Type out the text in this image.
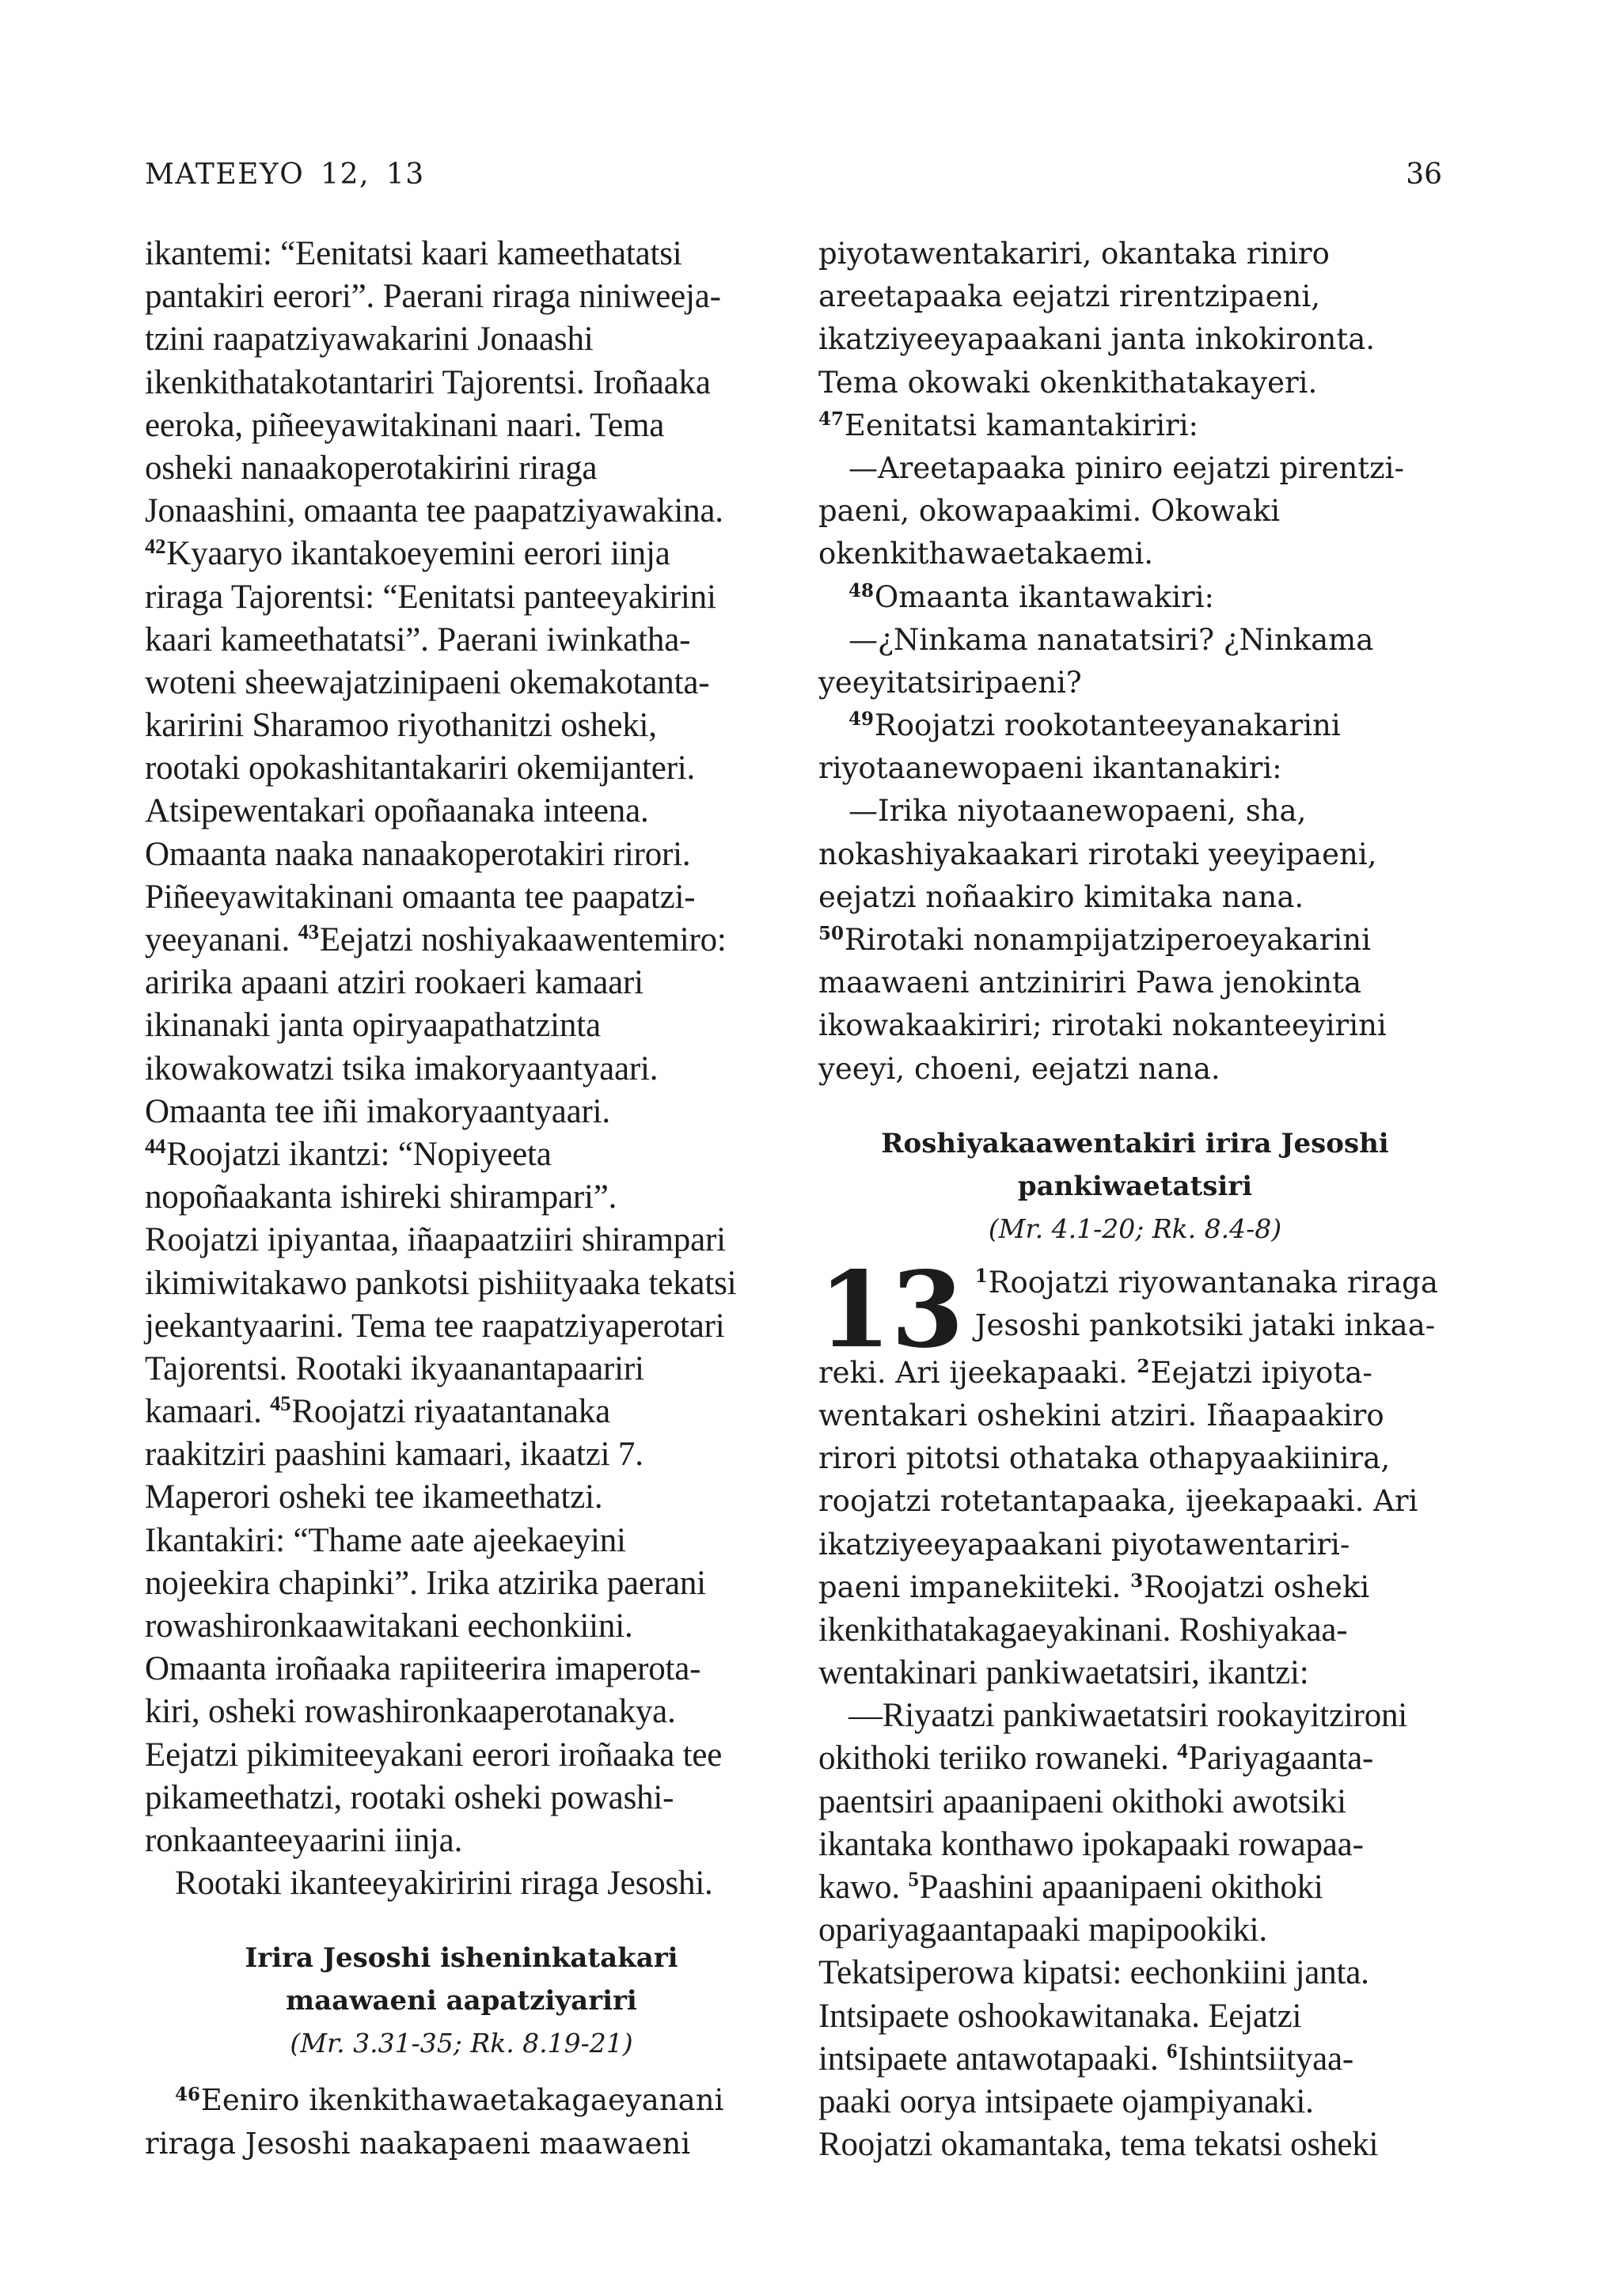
MATEEYO 12, 13	36
ikantemi: “Eenitatsi kaari kameethatatsi
pantakiri eerori”. Paerani riraga niniweeja-
tzini raapatziyawakarini Jonaashi
ikenkithatakotantariri Tajorentsi. Iroñaaka
eeroka, piñeeyawitakinani naari. Tema
osheki nanaakoperotakirini riraga
Jonaashini, omaanta tee paapatziyawakina.
$^{42}$Kyaaryo ikantakoeyemini eerori iinja
riraga Tajorentsi: “Eenitatsi panteeyakirini
kaari kameethatatsi”. Paerani iwinkatha-
woteni sheewajatzinipaeni okemakotanta-
karirini Sharamoo riyothanitzi osheki,
rootaki opokashitantakariri okemijanteri.
Atsipewentakari opoñaanaka inteena.
Omaanta naaka nanaakoperotakiri rirori.
Piñeeyawitakinani omaanta tee paapatzi-
yeeyanani. $^{43}$Eejatzi noshiyakaawentemiro:
aririka apaani atziri rookaeri kamaari
ikinanaki janta opiryaapathatzinta
ikowakowatzi tsika imakoryaantyaari.
Omaanta tee iñi imakoryaantyaari.
$^{44}$Roojatzi ikantzi: “Nopiyeeta
nopoñaakanta ishireki shirampari”.
Roojatzi ipiyantaa, iñaapaatziiri shirampari
ikimiwitakawo pankotsi pishiityaaka tekatsi
jeekantyaarini. Tema tee raapatziyaperotari
Tajorentsi. Rootaki ikyaanantapaariri
kamaari. $^{45}$Roojatzi riyaatantanaka
raakitziri paashini kamaari, ikaatzi 7.
Maperori osheki tee ikameethatzi.
Ikantakiri: “Thame aate ajeekaeyini
nojeekira chapinki”. Irika atzirika paerani
rowashironkaawitakani eechonkiini.
Omaanta iroñaaka rapiiteerira imaperota-
kiri, osheki rowashironkaaperotanakya.
Eejatzi pikimiteeyakani eerori iroñaaka tee
pikameethatzi, rootaki osheki powashi-
ronkaanteeyaarini iinja.
Rootaki ikanteeyakiririni riraga Jesoshi.
Irira Jesoshi isheninkatakari
maawaeni aapatziyariri
(Mr. 3.31-35; Rk. 8.19-21)
$^{46}$Eeniro ikenkithawaetakagaeyanani
riraga Jesoshi naakapaeni maawaeni
piyotawentakariri, okantaka riniro
areetapaaka eejatzi rirentzipaeni,
ikatziyeeyapaakani janta inkokironta.
Tema okowaki okenkithatakayeri.
$^{47}$Eenitatsi kamantakiriri:
—Areetapaaka piniro eejatzi pirentzi-
paeni, okowapaakimi. Okowaki
okenkithawaetakaemi.
$^{48}$Omaanta ikantawakiri:
—¿Ninkama nanatatsiri? ¿Ninkama
yeeyitatsiripaeni?
$^{49}$Roojatzi rookotanteeyanakarini
riyotaanewopaeni ikantanakiri:
—Irika niyotaanewopaeni, sha,
nokashiyakaakari rirotaki yeeyipaeni,
eejatzi noñaakiro kimitaka nana.
$^{50}$Rirotaki nonampijatziperoeyakarini
maawaeni antziniriri Pawa jenokinta
ikowakaakiriri; rirotaki nokanteeyirini
yeeyi, choeni, eejatzi nana.
Roshiyakaawentakiri irira Jesoshi
pankiwaetatsiri
(Mr. 4.1-20; Rk. 8.4-8)
13 $^1$Roojatzi riyowantanaka riraga
Jesoshi pankotsiki jataki inkaa-
reki. Ari ijeekapaaki. $^2$Eejatzi ipiyota-
wentakari oshekini atziri. Iñaapaakiro
rirori pitotsi othataka othapyaakiinira,
roojatzi rotetantapaaka, ijeekapaaki. Ari
ikatziyeeyapaakani piyotawentariri-
paeni impanekiiteki. $^3$Roojatzi osheki
ikenkithatakagaeyakinani. Roshiyakaa-
wentakinari pankiwaetatsiri, ikantzi:
—Riyaatzi pankiwaetatsiri rookayitzironi
okithoki teriiko rowaneki. $^4$Pariyagaanta-
paentsiri apaanipaeni okithoki awotsiki
ikantaka konthawo ipokapaaki rowapaa-
kawo. $^5$Paashini apaanipaeni okithoki
opariyagaantapaaki mapipookiki.
Tekatsiperowa kipatsi: eechonkiini janta.
Intsipaete oshookawitanaka. Eejatzi
intsipaete antawotapaaki. $^6$Ishintsiityaa-
paaki oorya intsipaete ojampiyanaki.
Roojatzi okamantaka, tema tekatsi osheki
